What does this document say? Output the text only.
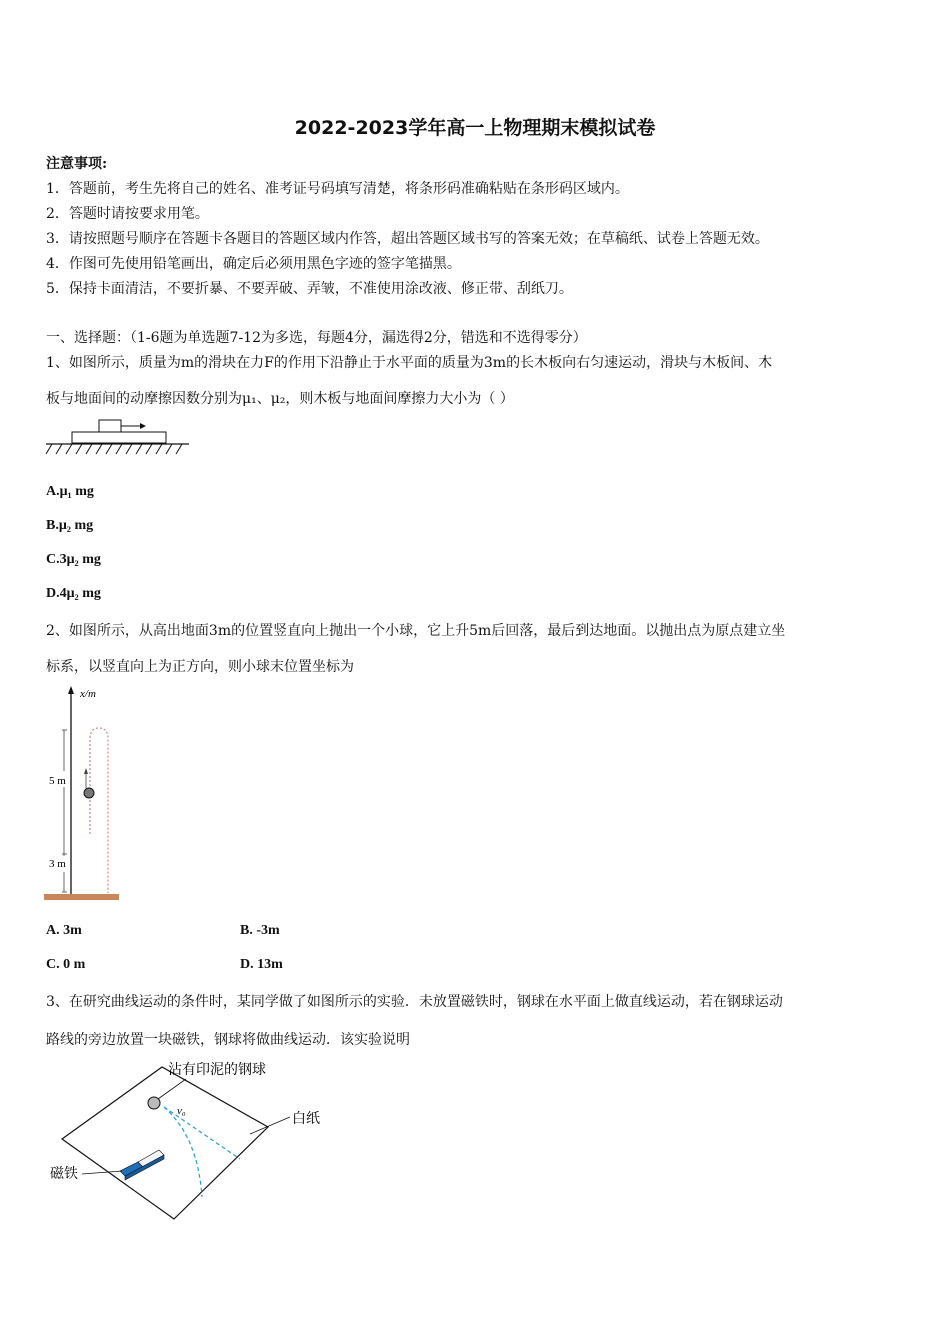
2022-2023学年高一上物理期末模拟试卷
注意事项:
1．答题前，考生先将自己的姓名、准考证号码填写清楚，将条形码准确粘贴在条形码区域内。
2．答题时请按要求用笔。
3．请按照题号顺序在答题卡各题目的答题区域内作答，超出答题区域书写的答案无效；在草稿纸、试卷上答题无效。
4．作图可先使用铅笔画出，确定后必须用黑色字迹的签字笔描黑。
5．保持卡面清洁，不要折暴、不要弄破、弄皱，不准使用涂改液、修正带、刮纸刀。
一、选择题：（1-6题为单选题7-12为多选，每题4分，漏选得2分，错选和不选得零分）
1、如图所示，质量为m的滑块在力F的作用下沿静止于水平面的质量为3m的长木板向右匀速运动，滑块与木板间、木
板与地面间的动摩擦因数分别为μ₁、μ₂，则木板与地面间摩擦力大小为（ ）
A.μ₁ mg
B.μ₂ mg
C.3μ₂ mg
D.4μ₂ mg
2、如图所示，从高出地面3m的位置竖直向上抛出一个小球，它上升5m后回落，最后到达地面。以抛出点为原点建立坐
标系，以竖直向上为正方向，则小球末位置坐标为
x/m
5 m
3 m
A. 3m	B. -3m
C. 0 m	D. 13m
3、在研究曲线运动的条件时，某同学做了如图所示的实验．未放置磁铁时，钢球在水平面上做直线运动，若在钢球运动
路线的旁边放置一块磁铁，钢球将做曲线运动．该实验说明
沾有印泥的钢球
v₀
白纸
磁铁
